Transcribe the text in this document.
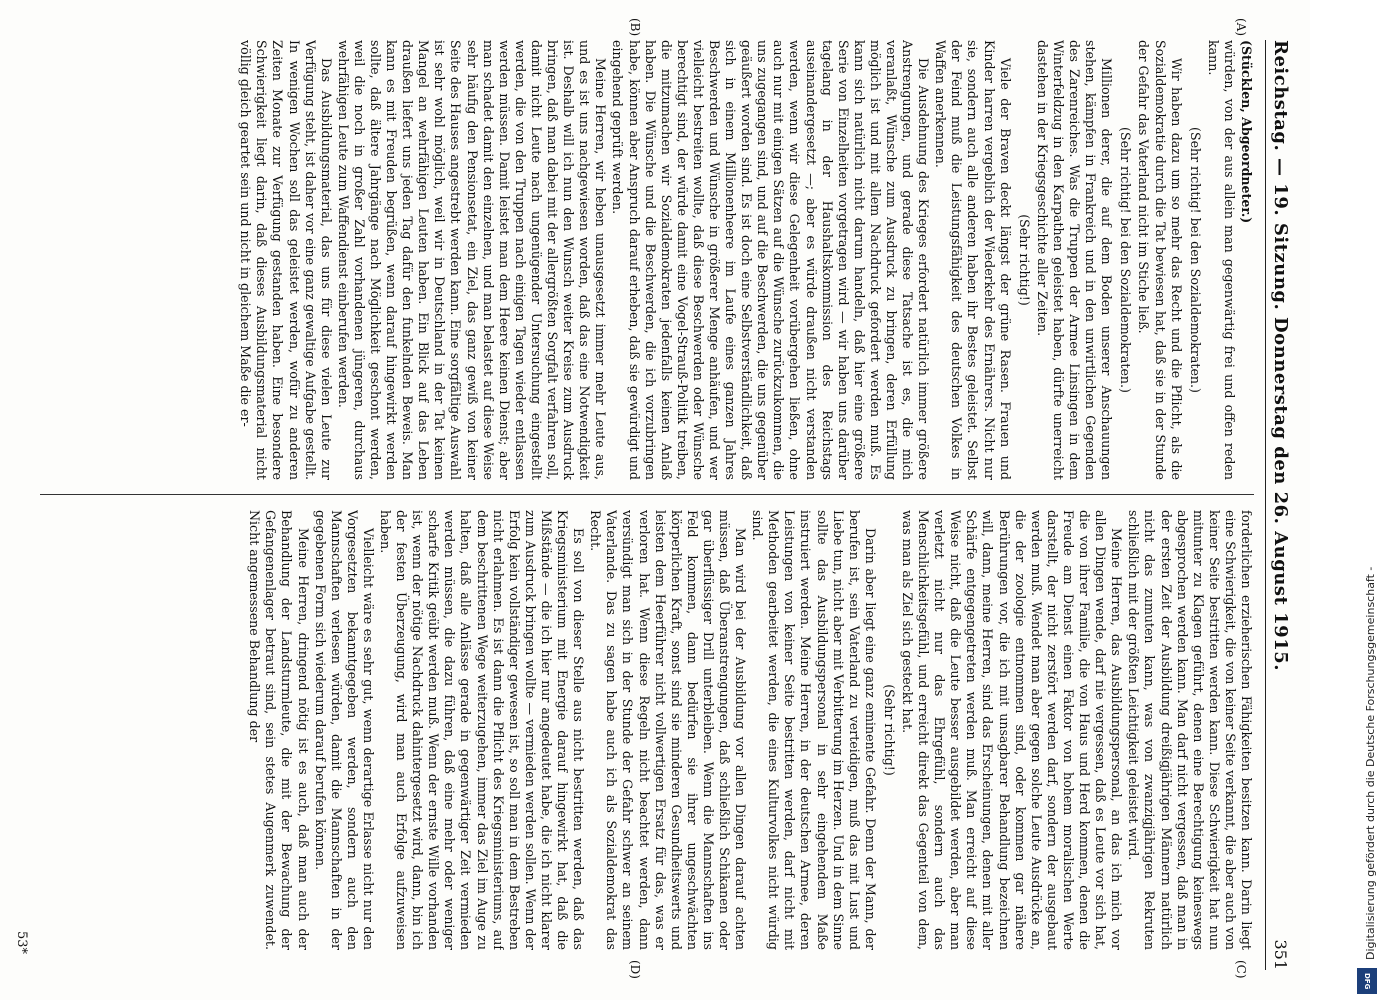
Reichstag. — 19. Sitzung. Donnerstag den 26. August 1915.
351
(A)
(B)
(C)
(D)

(Stücklen, Abgeordneter.)

würden, von der aus allein man gegenwärtig frei und offen reden kann.

(Sehr richtig! bei den Sozialdemokraten.)

Wir haben dazu um so mehr das Recht und die Pflicht, als die Sozialdemokratie durch die Tat bewiesen hat, daß sie in der Stunde der Gefahr das Vaterland nicht im Stiche ließ.

(Sehr richtig! bei den Sozialdemokraten.)

Millionen derer, die auf dem Boden unserer Anschauungen stehen, kämpfen in Frankreich und in den unwirtlichen Gegenden des Zarenreiches. Was die Truppen der Armee Linsingen in dem Winterfeldzug in den Karpathen geleistet haben, dürfte unerreicht dastehen in der Kriegsgeschichte aller Zeiten.

(Sehr richtig!)

Viele der Braven deckt längst der grüne Rasen. Frauen und Kinder harren vergeblich der Wiederkehr des Ernährers. Nicht nur sie, sondern auch alle anderen haben ihr Bestes geleistet. Selbst der Feind muß die Leistungsfähigkeit des deutschen Volkes in Waffen anerkennen.

Die Ausdehnung des Krieges erfordert natürlich immer größere Anstrengungen, und gerade diese Tatsache ist es, die mich veranlaßt, Wünsche zum Ausdruck zu bringen, deren Erfüllung möglich ist und mit allem Nachdruck gefordert werden muß. Es kann sich natürlich nicht darum handeln, daß hier eine größere Serie von Einzelheiten vorgetragen wird — wir haben uns darüber tagelang in der Haushaltskommission des Reichstags auseinandergesetzt —; aber es würde draußen nicht verstanden werden, wenn wir diese Gelegenheit vorübergehen ließen, ohne auch nur mit einigen Sätzen auf die Wünsche zurückzukommen, die uns zugegangen sind, und auf die Beschwerden, die uns gegenüber geäußert worden sind. Es ist doch eine Selbstverständlichkeit, daß sich in einem Millionenheere im Laufe eines ganzen Jahres Beschwerden und Wünsche in größerer Menge anhäufen, und wer vielleicht bestreiten wollte, daß diese Beschwerden oder Wünsche berechtigt sind, der würde damit eine Vogel-Strauß-Politik treiben, die mitzumachen wir Sozialdemokraten jedenfalls keinen Anlaß haben. Die Wünsche und die Beschwerden, die ich vorzubringen habe, können aber Anspruch darauf erheben, daß sie gewürdigt und eingehend geprüft werden.

Meine Herren, wir heben unausgesetzt immer mehr Leute aus, und es ist uns nachgewiesen worden, daß das eine Notwendigkeit ist. Deshalb will ich nun den Wunsch weiter Kreise zum Ausdruck bringen, daß man dabei mit der allergrößten Sorgfalt verfahren soll, damit nicht Leute nach ungenügender Untersuchung eingestellt werden, die von den Truppen nach einigen Tagen wieder entlassen werden müssen. Damit leistet man dem Heere keinen Dienst; aber man schadet damit den einzelnen, und man belastet auf diese Weise sehr häufig den Pensionsetat, ein Ziel, das ganz gewiß von keiner Seite des Hauses angestrebt werden kann. Eine sorgfältige Auswahl ist sehr wohl möglich, weil wir in Deutschland in der Tat keinen Mangel an wehrfähigen Leuten haben. Ein Blick auf das Leben draußen liefert uns jeden Tag dafür den funkelnden Beweis. Man kann es mit Freuden begrüßen, wenn darauf hingewirkt werden sollte, daß ältere Jahrgänge nach Möglichkeit geschont werden, weil die noch in großer Zahl vorhandenen jüngeren, durchaus wehrfähigen Leute zum Waffendienst einberufen werden.

Das Ausbildungsmaterial, das uns für diese vielen Leute zur Verfügung steht, ist daher vor eine ganz gewaltige Aufgabe gestellt. In wenigen Wochen soll das geleistet werden, wofür zu anderen Zeiten Monate zur Verfügung gestanden haben. Eine besondere Schwierigkeit liegt darin, daß dieses Ausbildungsmaterial nicht völlig gleich geartet sein und nicht in gleichem Maße die er-

forderlichen erzieherischen Fähigkeiten besitzen kann. Darin liegt eine Schwierigkeit, die von keiner Seite verkannt, die aber auch von keiner Seite bestritten werden kann. Diese Schwierigkeit hat nun mitunter zu Klagen geführt, denen eine Berechtigung keineswegs abgesprochen werden kann. Man darf nicht vergessen, daß man in der ersten Zeit der Ausbildung dreißigjährigen Männern natürlich nicht das zumuten kann, was von zwanzigjährigen Rekruten schließlich mit der größten Leichtigkeit geleistet wird.

Meine Herren, das Ausbildungspersonal, an das ich mich vor allen Dingen wende, darf nie vergessen, daß es Leute vor sich hat, die von ihrer Familie, die von Haus und Herd kommen, denen die Freude am Dienst einen Faktor von hohem moralischen Werte darstellt, der nicht zerstört werden darf, sondern der ausgebaut werden muß. Wendet man aber gegen solche Leute Ausdrücke an, die der zoologie entnommen sind, oder kommen gar nähere Berührungen vor, die ich mit unsagbarer Behandlung bezeichnen will, dann, meine Herren, sind das Erscheinungen, denen mit aller Schärfe entgegengetreten werden muß. Man erreicht auf diese Weise nicht, daß die Leute besser ausgebildet werden, aber man verletzt nicht nur das Ehrgefühl, sondern auch das Menschlichkeitsgefühl, und erreicht direkt das Gegenteil von dem, was man als Ziel sich gesteckt hat.

(Sehr richtig!)

Darin aber liegt eine ganz eminente Gefahr. Denn der Mann, der berufen ist, sein Vaterland zu verteidigen, muß das mit Lust und Liebe tun, nicht aber mit Verbitterung im Herzen. Und in dem Sinne sollte das Ausbildungspersonal in sehr eingehendem Maße instruiert werden. Meine Herren, in der deutschen Armee, deren Leistungen von keiner Seite bestritten werden, darf nicht mit Methoden gearbeitet werden, die eines Kulturvolkes nicht würdig sind.

Man wird bei der Ausbildung vor allen Dingen darauf achten müssen, daß Überanstrengungen, daß schließlich Schikanen oder gar überflüssiger Drill unterbleiben. Wenn die Mannschaften ins Feld kommen, dann bedürfen sie ihrer ungeschwächten körperlichen Kraft, sonst sind sie minderen Gesundheitswerts und leisten dem Heerführer nicht vollwertigen Ersatz für das, was er verloren hat. Wenn diese Regeln nicht beachtet werden, dann versündigt man sich in der Stunde der Gefahr schwer an seinem Vaterlande. Das zu sagen habe auch ich als Sozialdemokrat das Recht.

Es soll von dieser Stelle aus nicht bestritten werden, daß das Kriegsministerium mit Energie darauf hingewirkt hat, daß die Mißstände — die ich hier nur angedeutet habe, die ich nicht klarer zum Ausdruck bringen wollte — vermieden werden sollen. Wenn der Erfolg kein vollständiger gewesen ist, so soll man in dem Bestreben nicht erlahmen. Es ist dann die Pflicht des Kriegsministeriums, auf dem beschrittenen Wege weiterzugehen, immer das Ziel im Auge zu halten, daß alle Anlässe gerade in gegenwärtiger Zeit vermieden werden müssen, die dazu führen, daß eine mehr oder weniger scharfe Kritik geübt werden muß. Wenn der ernste Wille vorhanden ist, wenn der nötige Nachdruck dahintergesetzt wird, dann, bin ich der festen Überzeugung, wird man auch Erfolge aufzuweisen haben.

Vielleicht wäre es sehr gut, wenn derartige Erlasse nicht nur den Vorgesetzten bekanntgegeben werden, sondern auch den Mannschaften verlesen würden, damit die Mannschaften in der gegebenen Form sich wiederum darauf berufen können.

Meine Herren, dringend nötig ist es auch, daß man auch der Behandlung der Landsturmleute, die mit der Bewachung der Gefangenenlager betraut sind, sein stetes Augenmerk zuwendet. Nicht angemessene Behandlung der

53*	Digitalisierung gefördert durch die Deutsche Forschungsgemeinschaft -
DFG
